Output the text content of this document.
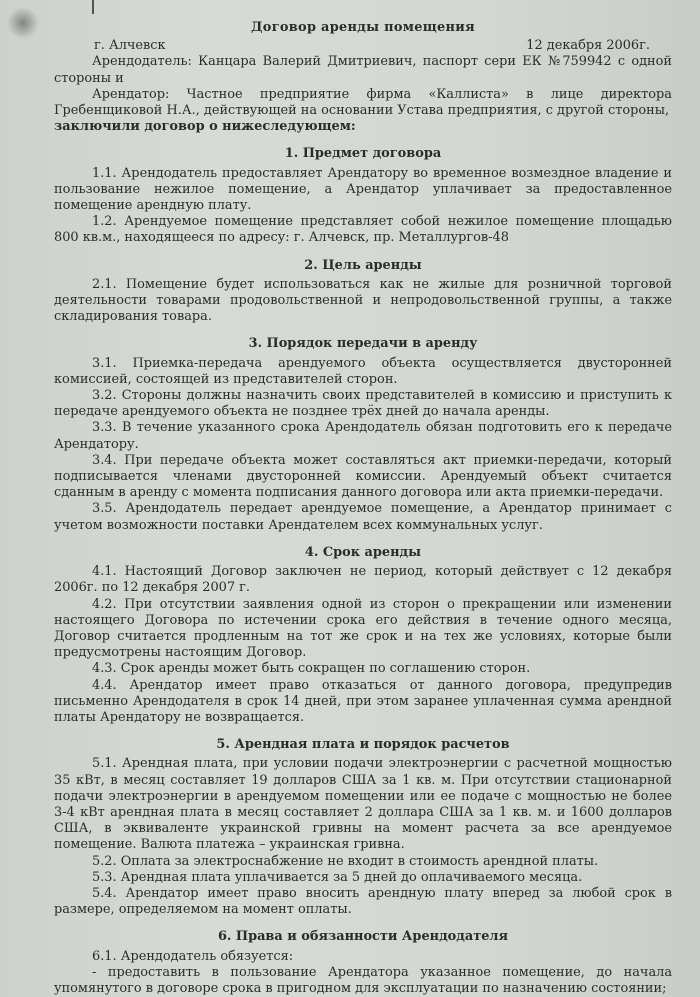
Договор аренды помещения
г. Алчевск	12 декабря 2006г.

Арендодатель: Канцара Валерий Дмитриевич, паспорт сери ЕК №759942 с одной стороны и

Арендатор: Частное предприятие фирма «Каллиста» в лице директора Гребенщиковой Н.А., действующей на основании Устава предприятия, с другой стороны,

заключили договор о нижеследующем:

1. Предмет договора

1.1. Арендодатель предоставляет Арендатору во временное возмездное владение и пользование нежилое помещение, а Арендатор уплачивает за предоставленное помещение арендную плату.

1.2. Арендуемое помещение представляет собой нежилое помещение площадью 800 кв.м., находящееся по адресу: г. Алчевск, пр. Металлургов-48

2. Цель аренды

2.1. Помещение будет использоваться как не жилые для розничной торговой деятельности товарами продовольственной и непродовольственной группы, а также складирования товара.

3. Порядок передачи в аренду

3.1. Приемка-передача арендуемого объекта осуществляется двусторонней комиссией, состоящей из представителей сторон.

3.2. Стороны должны назначить своих представителей в комиссию и приступить к передаче арендуемого объекта не позднее трёх дней до начала аренды.

3.3. В течение указанного срока Арендодатель обязан подготовить его к передаче Арендатору.

3.4. При передаче объекта может составляться акт приемки-передачи, который подписывается членами двусторонней комиссии. Арендуемый объект считается сданным в аренду с момента подписания данного договора или акта приемки-передачи.

3.5. Арендодатель передает арендуемое помещение, а Арендатор принимает с учетом возможности поставки Арендателем всех коммунальных услуг.

4. Срок аренды

4.1. Настоящий Договор заключен не период, который действует с 12 декабря 2006г. по 12 декабря 2007 г.

4.2. При отсутствии заявления одной из сторон о прекращении или изменении настоящего Договора по истечении срока его действия в течение одного месяца, Договор считается продленным на тот же срок и на тех же условиях, которые были предусмотрены настоящим Договор.

4.3. Срок аренды может быть сокращен по соглашению сторон.

4.4. Арендатор имеет право отказаться от данного договора, предупредив письменно Арендодателя в срок 14 дней, при этом заранее уплаченная сумма арендной платы Арендатору не возвращается.

5. Арендная плата и порядок расчетов

5.1. Арендная плата, при условии подачи электроэнергии с расчетной мощностью 35 кВт, в месяц составляет 19 долларов США за 1 кв. м. При отсутствии стационарной подачи электроэнергии в арендуемом помещении или ее подаче с мощностью не более 3-4 кВт арендная плата в месяц составляет 2 доллара США за 1 кв. м. и 1600 долларов США, в эквиваленте украинской гривны на момент расчета за все арендуемое помещение. Валюта платежа – украинская гривна.

5.2. Оплата за электроснабжение не входит в стоимость арендной платы.

5.3. Арендная плата уплачивается за 5 дней до оплачиваемого месяца.

5.4. Арендатор имеет право вносить арендную плату вперед за любой срок в размере, определяемом на момент оплаты.

6. Права и обязанности Арендодателя

6.1. Арендодатель обязуется:

- предоставить в пользование Арендатора указанное помещение, до начала упомянутого в договоре срока в пригодном для эксплуатации по назначению состоянии;
